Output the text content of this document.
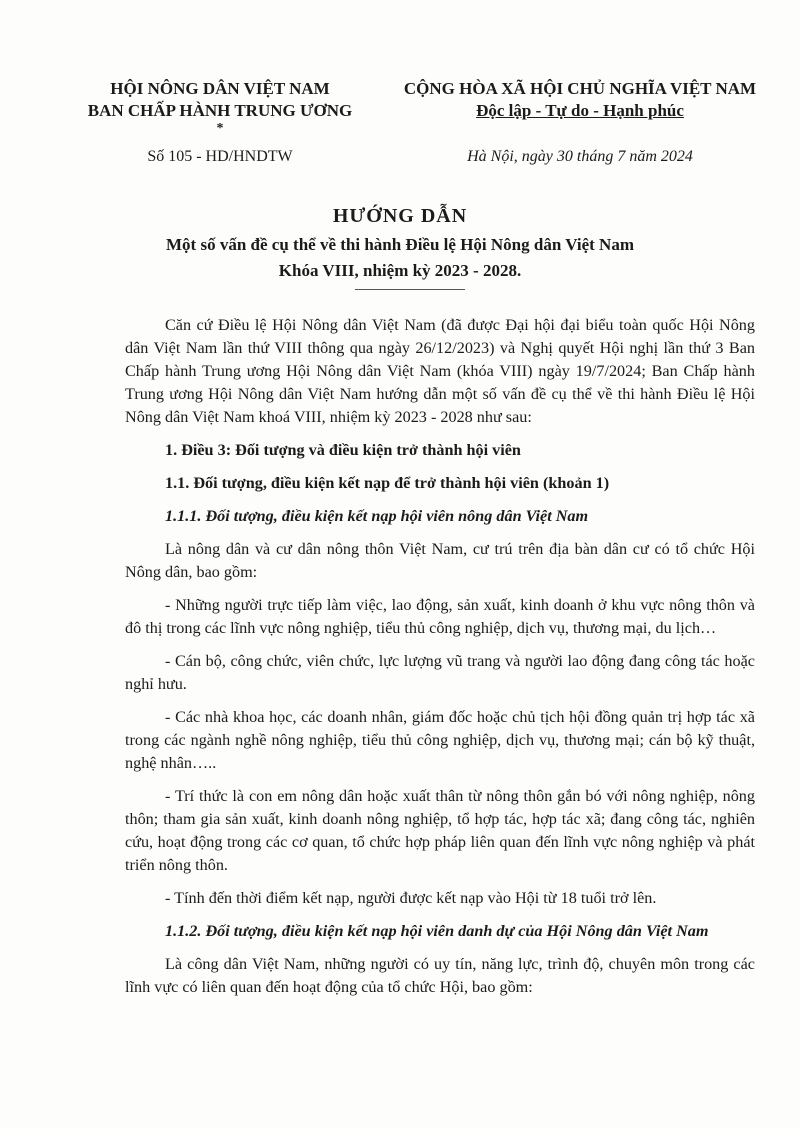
HỘI NÔNG DÂN VIỆT NAM
BAN CHẤP HÀNH TRUNG ƯƠNG
*
CỘNG HÒA XÃ HỘI CHỦ NGHĨA VIỆT NAM
Độc lập - Tự do - Hạnh phúc
Số 105 - HD/HNDTW	Hà Nội, ngày 30 tháng 7 năm 2024
HƯỚNG DẪN
Một số vấn đề cụ thể về thi hành Điều lệ Hội Nông dân Việt Nam
Khóa VIII, nhiệm kỳ 2023 - 2028.

Căn cứ Điều lệ Hội Nông dân Việt Nam (đã được Đại hội đại biểu toàn quốc Hội Nông dân Việt Nam lần thứ VIII thông qua ngày 26/12/2023) và Nghị quyết Hội nghị lần thứ 3 Ban Chấp hành Trung ương Hội Nông dân Việt Nam (khóa VIII) ngày 19/7/2024; Ban Chấp hành Trung ương Hội Nông dân Việt Nam hướng dẫn một số vấn đề cụ thể về thi hành Điều lệ Hội Nông dân Việt Nam khoá VIII, nhiệm kỳ 2023 - 2028 như sau:

1. Điều 3: Đối tượng và điều kiện trở thành hội viên

1.1. Đối tượng, điều kiện kết nạp để trở thành hội viên (khoản 1)

1.1.1. Đối tượng, điều kiện kết nạp hội viên nông dân Việt Nam

Là nông dân và cư dân nông thôn Việt Nam, cư trú trên địa bàn dân cư có tổ chức Hội Nông dân, bao gồm:

- Những người trực tiếp làm việc, lao động, sản xuất, kinh doanh ở khu vực nông thôn và đô thị trong các lĩnh vực nông nghiệp, tiểu thủ công nghiệp, dịch vụ, thương mại, du lịch…

- Cán bộ, công chức, viên chức, lực lượng vũ trang và người lao động đang công tác hoặc nghỉ hưu.

- Các nhà khoa học, các doanh nhân, giám đốc hoặc chủ tịch hội đồng quản trị hợp tác xã trong các ngành nghề nông nghiệp, tiểu thủ công nghiệp, dịch vụ, thương mại; cán bộ kỹ thuật, nghệ nhân…..

- Trí thức là con em nông dân hoặc xuất thân từ nông thôn gắn bó với nông nghiệp, nông thôn; tham gia sản xuất, kinh doanh nông nghiệp, tổ hợp tác, hợp tác xã; đang công tác, nghiên cứu, hoạt động trong các cơ quan, tổ chức hợp pháp liên quan đến lĩnh vực nông nghiệp và phát triển nông thôn.

- Tính đến thời điểm kết nạp, người được kết nạp vào Hội từ 18 tuổi trở lên.

1.1.2. Đối tượng, điều kiện kết nạp hội viên danh dự của Hội Nông dân Việt Nam

Là công dân Việt Nam, những người có uy tín, năng lực, trình độ, chuyên môn trong các lĩnh vực có liên quan đến hoạt động của tổ chức Hội, bao gồm:
